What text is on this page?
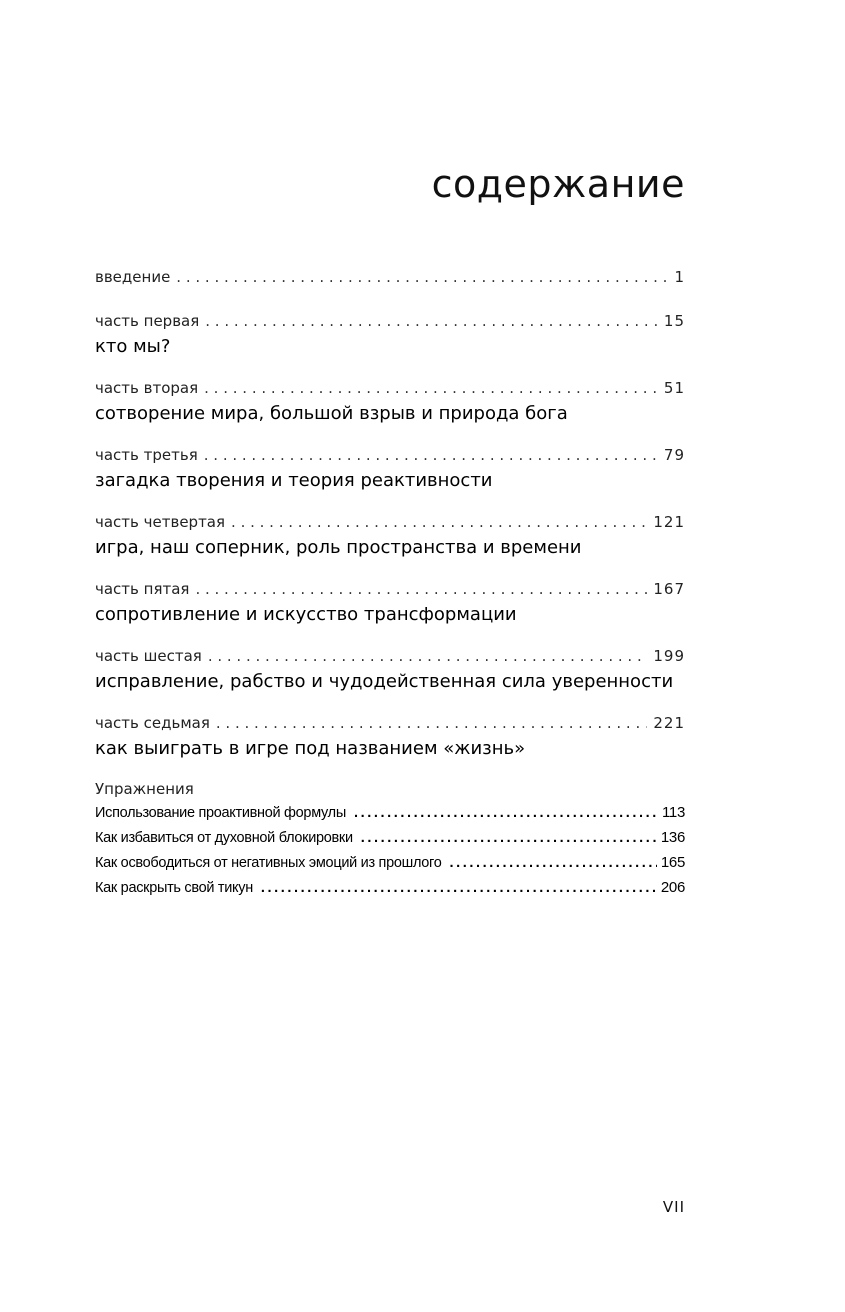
содержание
введение . . .	1
часть первая . . .	15
кто мы?
часть вторая . . .	51
сотворение мира, большой взрыв и природа бога
часть третья . . .	79
загадка творения и теория реактивности
часть четвертая . . .	121
игра, наш соперник, роль пространства и времени
часть пятая . . .	167
сопротивление и искусство трансформации
часть шестая . . .	199
исправление, рабство и чудодейственная сила уверенности
часть седьмая . . .	221
как выиграть в игре под названием «жизнь»
Упражнения
Использование проактивной формулы .....	113
Как избавиться от духовной блокировки .....	136
Как освободиться от негативных эмоций из прошлого .....	165
Как раскрыть свой тикун .....	206
VII
